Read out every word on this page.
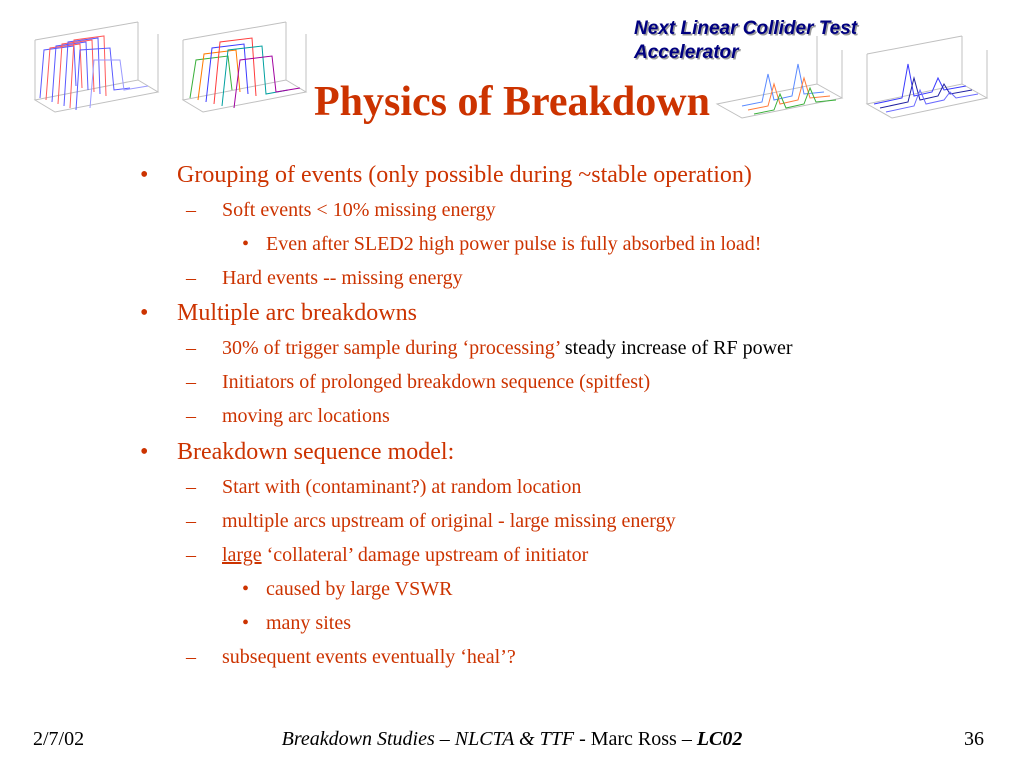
Next Linear Collider Test
Accelerator
Physics of Breakdown
• Grouping of events (only possible during ~stable operation)
– Soft events < 10% missing energy
• Even after SLED2 high power pulse is fully absorbed in load!
– Hard events -- missing energy
• Multiple arc breakdowns
– 30% of trigger sample during ‘processing’ steady increase of RF power
– Initiators of prolonged breakdown sequence (spitfest)
– moving arc locations
• Breakdown sequence model:
– Start with (contaminant?) at random location
– multiple arcs upstream of original - large missing energy
– large ‘collateral’ damage upstream of initiator
• caused by large VSWR
• many sites
– subsequent events eventually ‘heal’?
2/7/02	Breakdown Studies – NLCTA & TTF - Marc Ross – LC02	36
